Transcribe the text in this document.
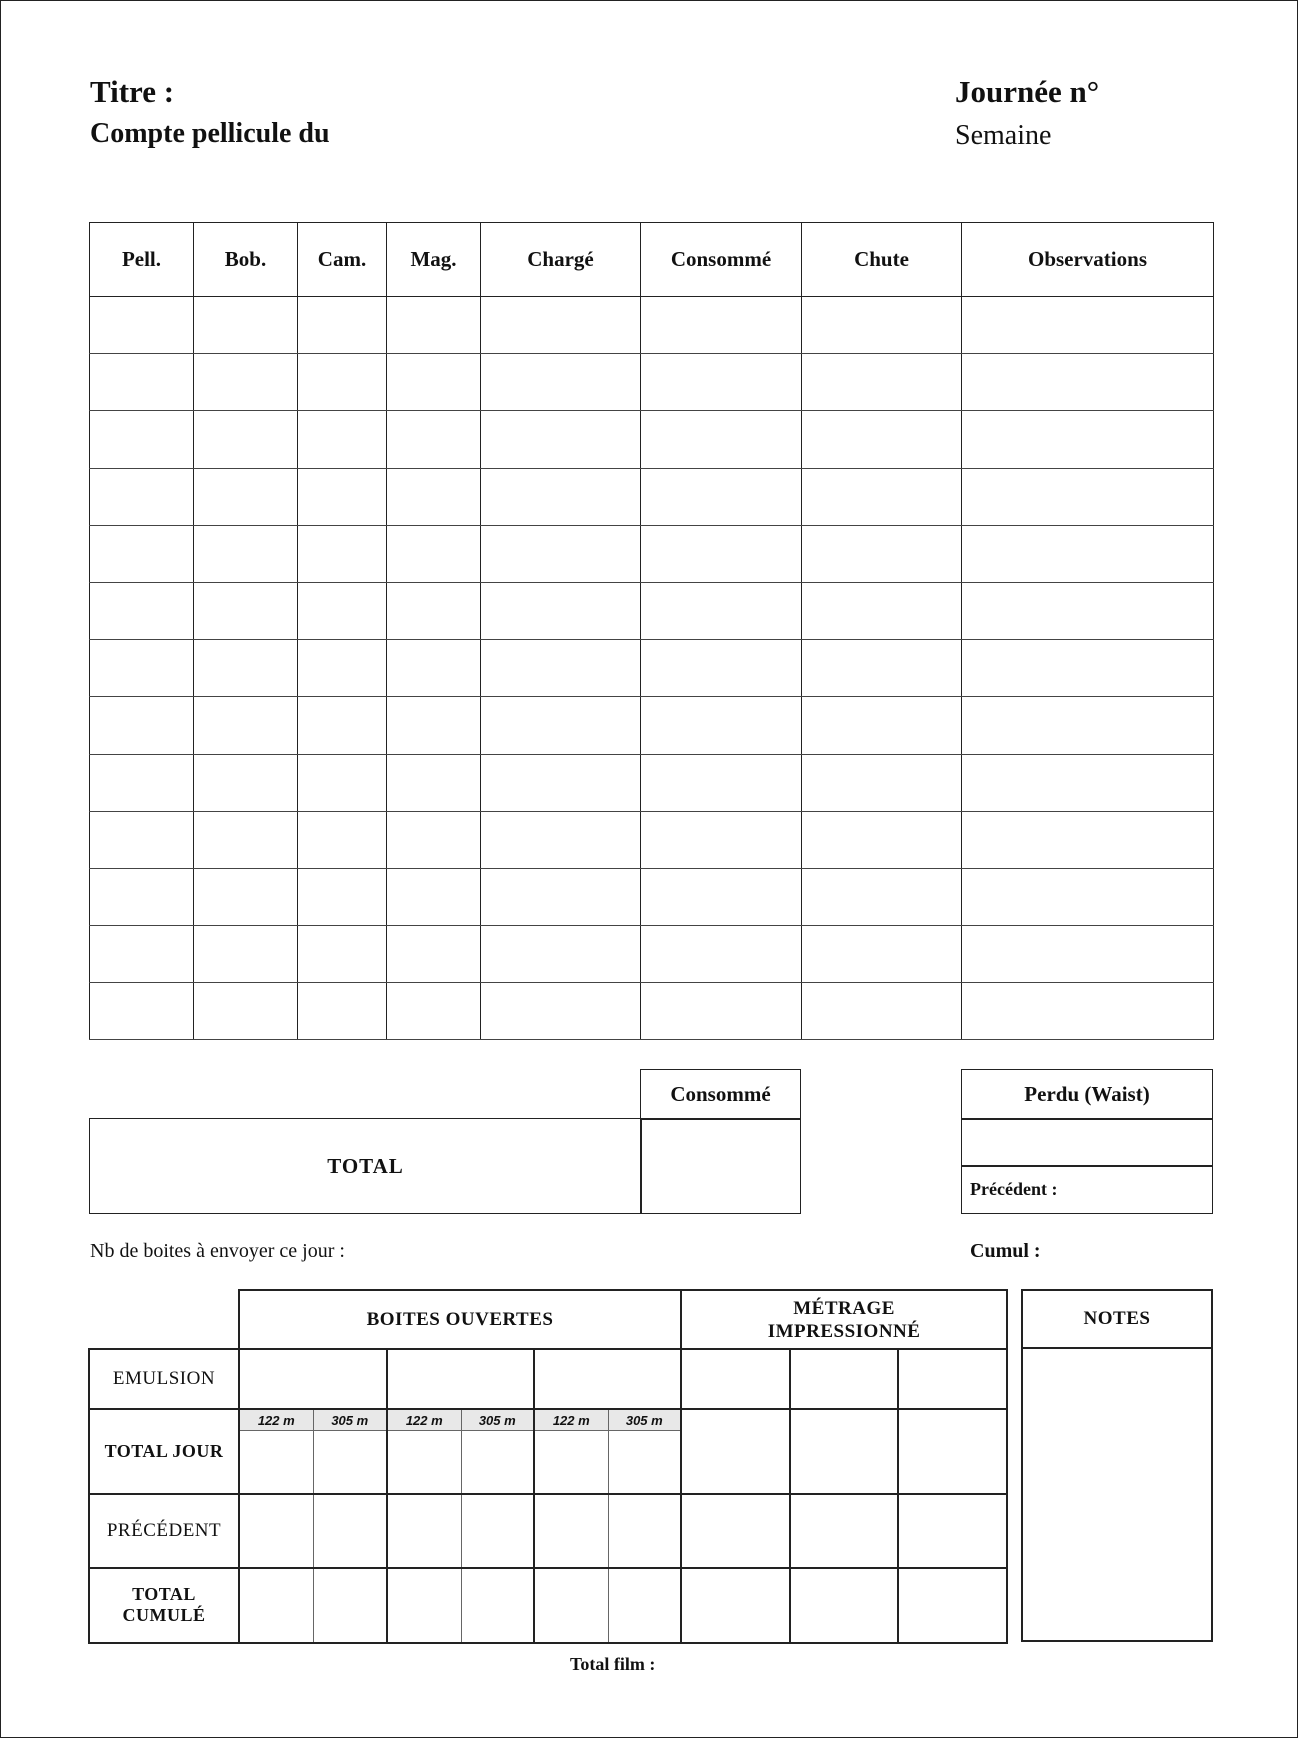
Titre :
Compte pellicule du
Journée n°
Semaine
Pell.	Bob.	Cam.	Mag.	Chargé	Consommé	Chute	Observations

Consommé
TOTAL
Perdu (Waist)
Précédent :
Nb de boites à envoyer ce jour :	Cumul :
	BOITES OUVERTES						MÉTRAGE
IMPRESSIONNÉ		

EMULSION									
TOTAL JOUR	122 m	305 m	122 m	305 m	122 m	305 m			

PRÉCÉDENT									

TOTAL
CUMULÉ									

NOTES
Total film :
